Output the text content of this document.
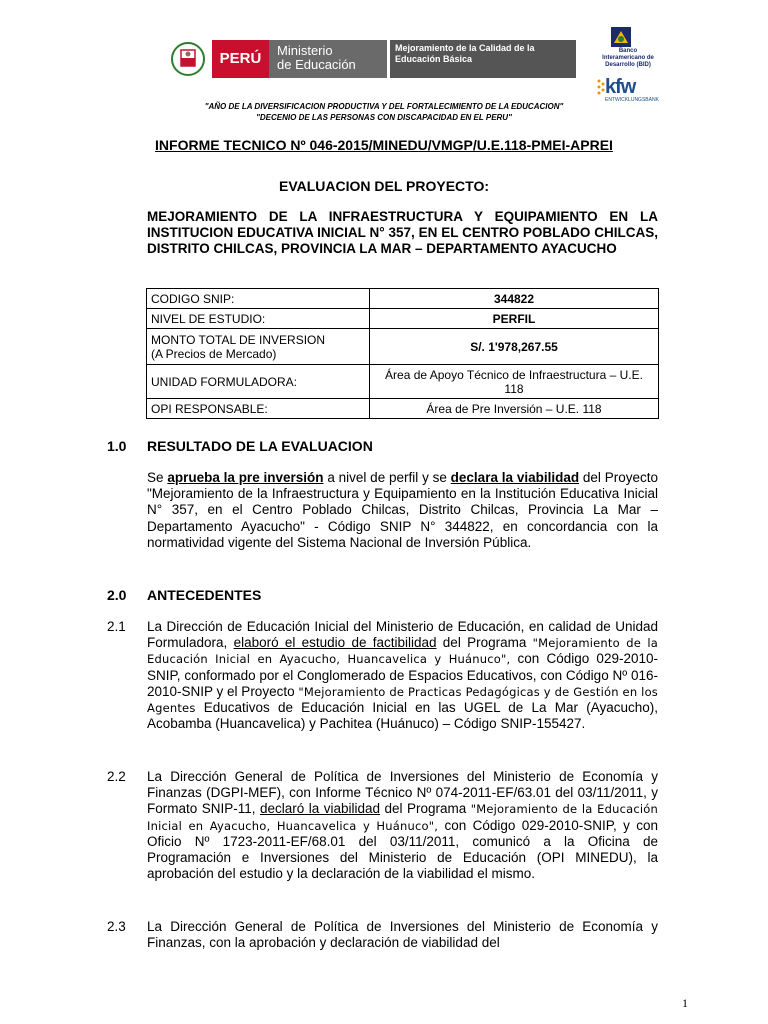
PERÚ	Ministerio
de Educación
Mejoramiento de la Calidad de la Educación Básica
Banco Interamericano de Desarrollo (BID)
kfw
ENTWICKLUNGSBANK
"AÑO DE LA DIVERSIFICACION PRODUCTIVA Y DEL FORTALECIMIENTO DE LA EDUCACION"
"DECENIO DE LAS PERSONAS CON DISCAPACIDAD EN EL PERU"
INFORME TECNICO Nº 046-2015/MINEDU/VMGP/U.E.118-PMEI-APREI
EVALUACION DEL PROYECTO:
MEJORAMIENTO DE LA INFRAESTRUCTURA Y EQUIPAMIENTO EN LA INSTITUCION EDUCATIVA INICIAL N° 357, EN EL CENTRO POBLADO CHILCAS, DISTRITO CHILCAS, PROVINCIA LA MAR – DEPARTAMENTO AYACUCHO
CODIGO SNIP:	344822
NIVEL DE ESTUDIO:	PERFIL

MONTO TOTAL DE INVERSION
(A Precios de Mercado)	S/. 1'978,267.55
UNIDAD FORMULADORA:	Área de Apoyo Técnico de Infraestructura – U.E. 118
OPI RESPONSABLE:	Área de Pre Inversión – U.E. 118
1.0 RESULTADO DE LA EVALUACION
Se aprueba la pre inversión a nivel de perfil y se declara la viabilidad del Proyecto "Mejoramiento de la Infraestructura y Equipamiento en la Institución Educativa Inicial N° 357, en el Centro Poblado Chilcas, Distrito Chilcas, Provincia La Mar – Departamento Ayacucho" - Código SNIP N° 344822, en concordancia con la normatividad vigente del Sistema Nacional de Inversión Pública.
2.0 ANTECEDENTES
2.1 La Dirección de Educación Inicial del Ministerio de Educación, en calidad de Unidad Formuladora, elaboró el estudio de factibilidad del Programa "Mejoramiento de la Educación Inicial en Ayacucho, Huancavelica y Huánuco", con Código 029-2010-SNIP, conformado por el Conglomerado de Espacios Educativos, con Código Nº 016-2010-SNIP y el Proyecto "Mejoramiento de Practicas Pedagógicas y de Gestión en los Agentes Educativos de Educación Inicial en las UGEL de La Mar (Ayacucho), Acobamba (Huancavelica) y Pachitea (Huánuco) – Código SNIP-155427.
2.2 La Dirección General de Política de Inversiones del Ministerio de Economía y Finanzas (DGPI-MEF), con Informe Técnico Nº 074-2011-EF/63.01 del 03/11/2011, y Formato SNIP-11, declaró la viabilidad del Programa "Mejoramiento de la Educación Inicial en Ayacucho, Huancavelica y Huánuco", con Código 029-2010-SNIP, y con Oficio Nº 1723-2011-EF/68.01 del 03/11/2011, comunicó a la Oficina de Programación e Inversiones del Ministerio de Educación (OPI MINEDU), la aprobación del estudio y la declaración de la viabilidad el mismo.
2.3 La Dirección General de Política de Inversiones del Ministerio de Economía y Finanzas, con la aprobación y declaración de viabilidad del
1
